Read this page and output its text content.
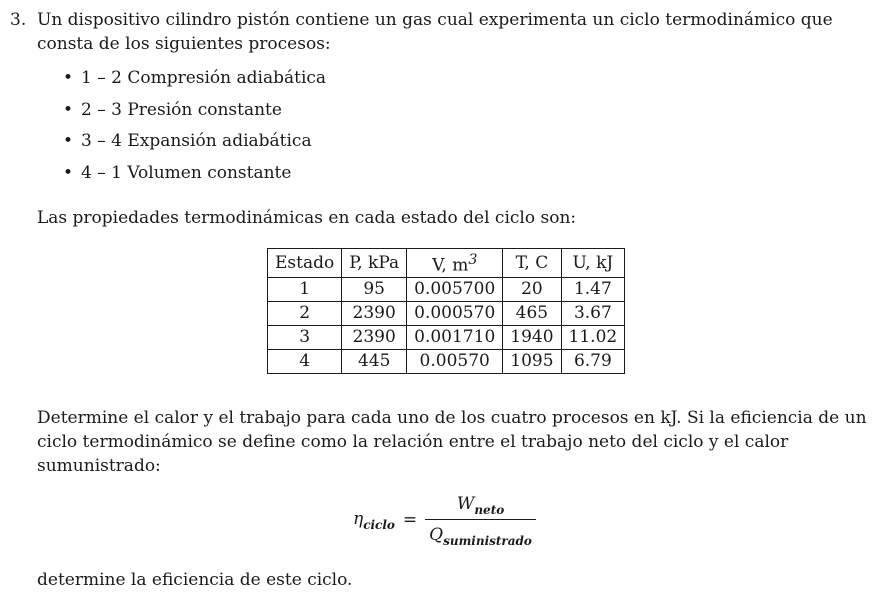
3. Un dispositivo cilindro pistón contiene un gas cual experimenta un ciclo termodinámico que consta de los siguientes procesos:
• 1 – 2 Compresión adiabática
• 2 – 3 Presión constante
• 3 – 4 Expansión adiabática
• 4 – 1 Volumen constante
Las propiedades termodinámicas en cada estado del ciclo son:
Estado	P, kPa	V, $m^3$	T, C	U, kJ
1	95	0.005700	20	1.47
2	2390	0.000570	465	3.67
3	2390	0.001710	1940	11.02
4	445	0.00570	1095	6.79
Determine el calor y el trabajo para cada uno de los cuatro procesos en kJ. Si la eficiencia de un ciclo termodinámico se define como la relación entre el trabajo neto del ciclo y el calor sumunistrado:
$\eta_{ciclo} = \frac{W_{neto}}{Q_{suministrado}}$
determine la eficiencia de este ciclo.
